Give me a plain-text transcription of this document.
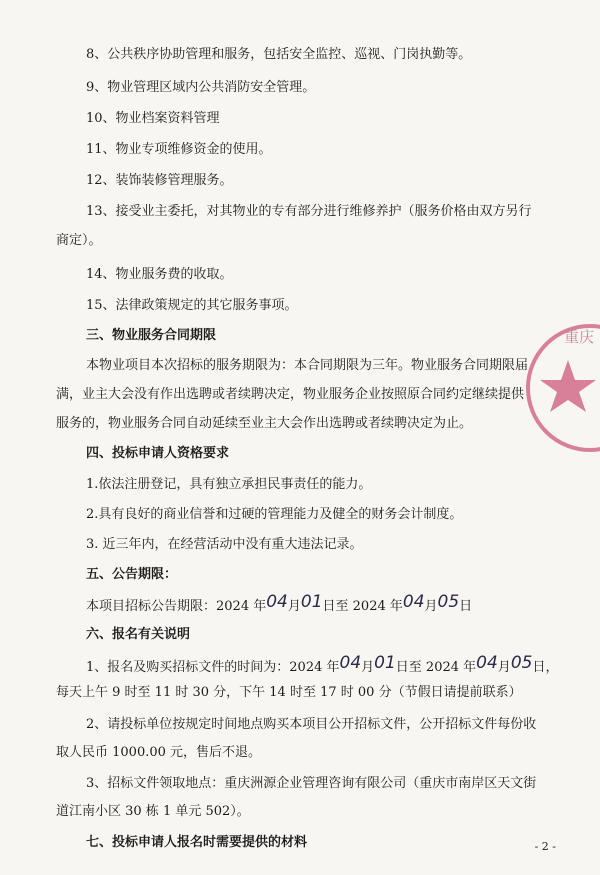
8、公共秩序协助管理和服务，包括安全监控、巡视、门岗执勤等。
9、物业管理区域内公共消防安全管理。
10、物业档案资料管理
11、物业专项维修资金的使用。
12、装饰装修管理服务。
13、接受业主委托，对其物业的专有部分进行维修养护（服务价格由双方另行
商定）。
14、物业服务费的收取。
15、法律政策规定的其它服务事项。
三、物业服务合同期限
本物业项目本次招标的服务期限为：本合同期限为三年。物业服务合同期限届
满，业主大会没有作出选聘或者续聘决定，物业服务企业按照原合同约定继续提供
服务的，物业服务合同自动延续至业主大会作出选聘或者续聘决定为止。
四、投标申请人资格要求
1.依法注册登记，具有独立承担民事责任的能力。
2.具有良好的商业信誉和过硬的管理能力及健全的财务会计制度。
3. 近三年内，在经营活动中没有重大违法记录。
五、公告期限：
本项目招标公告期限：2024 年04月01日至 2024 年04月05日
六、报名有关说明
1、报名及购买招标文件的时间为：2024 年04月01日至 2024 年04月05日，
每天上午 9 时至 11 时 30 分，下午 14 时至 17 时 00 分（节假日请提前联系）
2、请投标单位按规定时间地点购买本项目公开招标文件，公开招标文件每份收
取人民币 1000.00 元，售后不退。
3、招标文件领取地点：重庆洲源企业管理咨询有限公司（重庆市南岸区天文街
道江南小区 30 栋 1 单元 502）。
七、投标申请人报名时需要提供的材料
重庆
- 2 -
